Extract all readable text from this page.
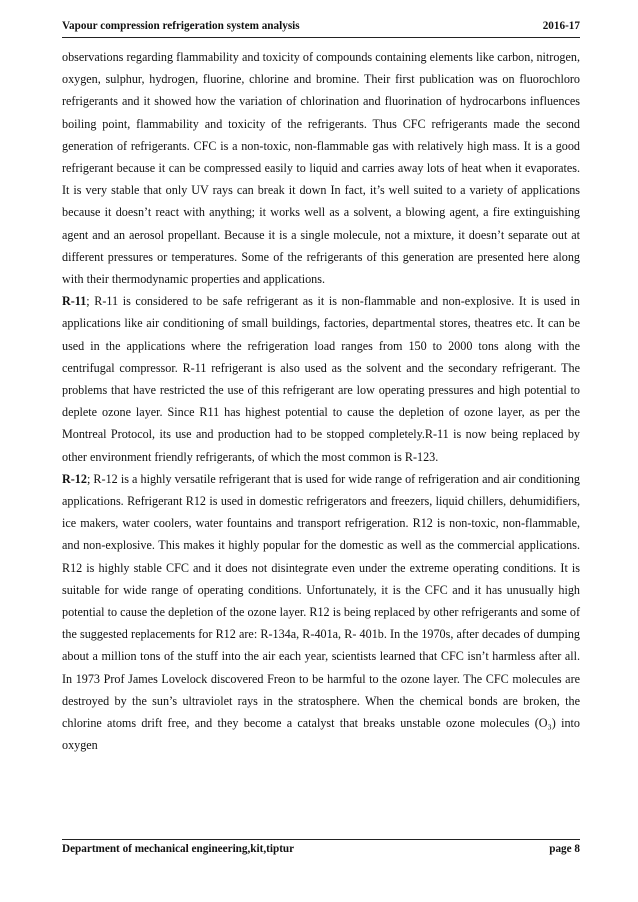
Vapour compression refrigeration system analysis	2016-17

observations regarding flammability and toxicity of compounds containing elements like carbon, nitrogen, oxygen, sulphur, hydrogen, fluorine, chlorine and bromine. Their first publication was on fluorochloro refrigerants and it showed how the variation of chlorination and fluorination of hydrocarbons influences boiling point, flammability and toxicity of the refrigerants. Thus CFC refrigerants made the second generation of refrigerants. CFC is a non-toxic, non-flammable gas with relatively high mass. It is a good refrigerant because it can be compressed easily to liquid and carries away lots of heat when it evaporates. It is very stable that only UV rays can break it down In fact, it’s well suited to a variety of applications because it doesn’t react with anything; it works well as a solvent, a blowing agent, a fire extinguishing agent and an aerosol propellant. Because it is a single molecule, not a mixture, it doesn’t separate out at different pressures or temperatures. Some of the refrigerants of this generation are presented here along with their thermodynamic properties and applications.

R-11; R-11 is considered to be safe refrigerant as it is non-flammable and non-explosive. It is used in applications like air conditioning of small buildings, factories, departmental stores, theatres etc. It can be used in the applications where the refrigeration load ranges from 150 to 2000 tons along with the centrifugal compressor. R-11 refrigerant is also used as the solvent and the secondary refrigerant. The problems that have restricted the use of this refrigerant are low operating pressures and high potential to deplete ozone layer. Since R11 has highest potential to cause the depletion of ozone layer, as per the Montreal Protocol, its use and production had to be stopped completely.R-11 is now being replaced by other environment friendly refrigerants, of which the most common is R-123.

R-12; R-12 is a highly versatile refrigerant that is used for wide range of refrigeration and air conditioning applications. Refrigerant R12 is used in domestic refrigerators and freezers, liquid chillers, dehumidifiers, ice makers, water coolers, water fountains and transport refrigeration. R12 is non-toxic, non-flammable, and non-explosive. This makes it highly popular for the domestic as well as the commercial applications. R12 is highly stable CFC and it does not disintegrate even under the extreme operating conditions. It is suitable for wide range of operating conditions. Unfortunately, it is the CFC and it has unusually high potential to cause the depletion of the ozone layer. R12 is being replaced by other refrigerants and some of the suggested replacements for R12 are: R-134a, R-401a, R- 401b. In the 1970s, after decades of dumping about a million tons of the stuff into the air each year, scientists learned that CFC isn’t harmless after all. In 1973 Prof James Lovelock discovered Freon to be harmful to the ozone layer. The CFC molecules are destroyed by the sun’s ultraviolet rays in the stratosphere. When the chemical bonds are broken, the chlorine atoms drift free, and they become a catalyst that breaks unstable ozone molecules (O₃) into oxygen

Department of mechanical engineering,kit,tiptur	page 8
